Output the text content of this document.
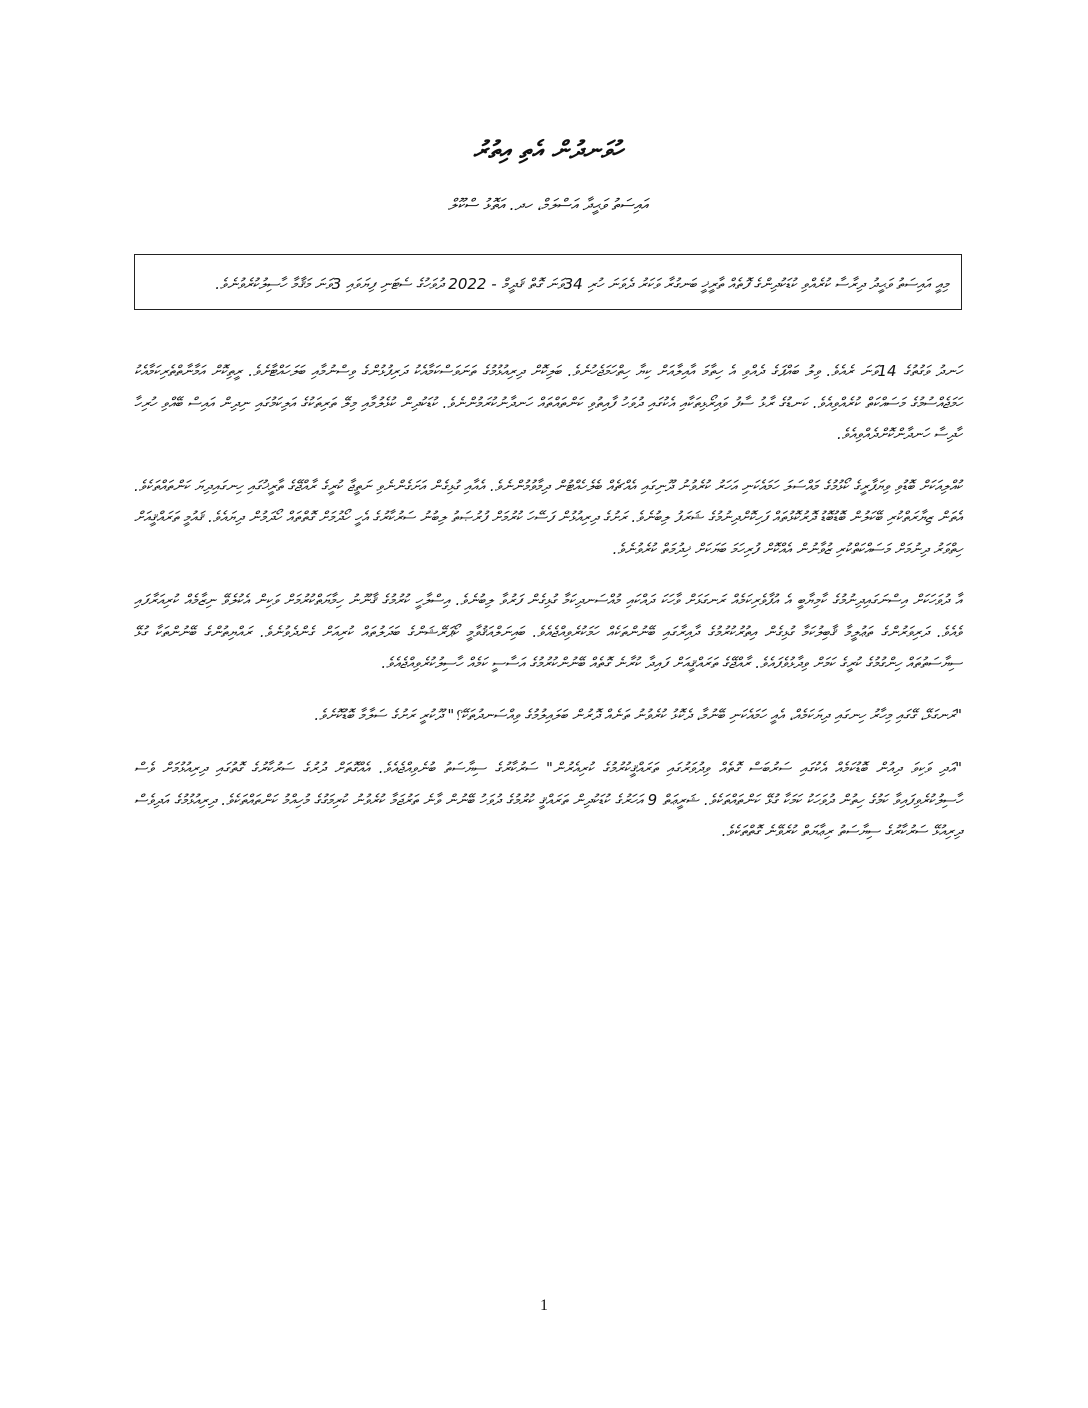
ހުވަނދުން އެތި އިތުރު

އައިސަތު ވަޙީދާ އަސްލަމް، ހދ. އަތޮޅު ސްކޫލް

މިއީ އައިސަތު ވަޙީދު ދިރާސާ ކުރެއްވި ކުޑަކުދިންގެ ފޮތެއް ތާރީޚީ ބަނގުރާ ވަކަރު ދެވަނަ ހުރި 34ވަނަ ގޮތް ޤަދީމް - 2022 ދުވަހުގެ ސެޓަނި ފިޔަވައި 3ވަނަ މަޤާމާ ހާސިލުކުރެވުނެވެ.

ހަނދު ވަގުތުގެ 14ވަނަ ރެއެވެ. ވިލު ބައްޕަގެ ދެއްވި އެ ހިތާމަ އާއިލާއަށް ކިޔާ ހިތްހަމަޖެހުނެވެ. ބަލިކޮށް ދިރިއުޅުމުގެ ތަނަވަސްކަމާއެކު ދަރިފުޅުންގެ ވިސްނުމާއި ބަލަހައްޓާށެވެ. ރީތިކޮށް އަމާނާތްތެރިކަމާއެކު ހަމަޖެއްސުމުގެ މަސައްކަތް ކުރެއްވިއެވެ. ކަނޑުގެ ރާޅު ސާފު ވައިރޯޅިތަކާއި އެކުގައި ދުވަހު ފާއިތުވި ކަންތައްތައް ހަނދާނުކުރަމުންނެވެ. ކުޑަކުދިން ކުޅެލުމާއި މިލޭ ތަރިތަކުގެ އަލިކަމުގައި ނިދިން އައިސް ބޭއްވި ހުރިހާ ހާދިސާ ހަނދާންކޮށްދެއްވިއެވެ.

ކުއްލިއަކަށް ބޮޑުވި ވިޔަފާރީގެ ކޯޅުމުގެ މައްސަލަ ހަމައެކަނި އަހަރު ކުރެވުނު ދޫނިގައި އެއްޗެއް ބެލެހެއްޓުން ދިމާވުމުންނެވެ. އެއާއި ގުޅިގެން އަށަގެންނެވި ނަތީޖާ ކުރީގެ ރާއްޖޭގެ ތާރީޚުގައި ހިނގައިދިޔަ ކަންތައްތަކެވެ. އެތަން ޒިޔާރަތްކުރި ބޭކަލުން ބޮޑުބޮޑު ދޮރުކޮޅުތައް ފަހިކޮށްދިނުމުގެ ޝަރަފު ލިބުނެވެ. ރަށުގެ ދިރިއުޅުން ފަސޭހަ ކުރުމަށް ފުރުޞަތު ލިބުނު ސަރުކާރުގެ އެހީ ހޯދުމަށް ގޮތްތައް ހޯދަމުން ދިޔައެވެ. ޤައުމީ ތަރައްޤީއަށް ހިތްވަރު ދިނުމަށް މަސައްކަތްކުރި ޒުވާނުން އެއްކޮށް ފުރިހަމަ ބަޔަކަށް ޚިދުމަތް ކުރެވުނެވެ.

އާ ދުވަހަކަށް އިސްނަގައިދިނުމުގެ ކާމިޔާބީ އެ އުފާވެރިކަމެއް ރަނގަޅަށް ވާހަކަ ދައްކައި މުއްސަނދިކަމާ ގުޅިގެން ފަރުވާ ލިބުނެވެ. އިސްލާހީ ކުރުމުގެ ޤާނޫނު ހިމާޔަތްކުރުމަށް ވަކިން އެކުލެވޭ ނިޒާމެއް ކުރިއަރާފައި ވެއެވެ. ދަރިވަރުންގެ ތަޢުލީމާ ޤާބިލުކަމާ ގުޅިގެން އިތުރުކުރުމުގެ ދާއިރާގައި ބޭނުންތަކެއް ހަމަކުރެވިއްޖެއެވެ. ބައިނަލްއަޤުވާމީ ކޯޕަރޭޝަންގެ ބަދަލުތައް ކުރިއަށް ގެންދެވުނެވެ. ރައްޔިތުންގެ ބޭނުންތަކާ ގުޅޭ ސިޔާސަތުތައް ހިންގުމުގެ ކުރީގެ ކަމަށް ވިދާޅުވެފައެވެ. ރާއްޖޭގެ ތަރައްޤީއަށް ފައިދާ ކުރާނެ ގޮތެއް ބޭނުންކުރުމުގެ އަސާސީ ކަމެއް ހާސިލުކުރެވިއްޖެއެވެ.

"ރަނގަޅޭ، ގޭގައި މިހާރު ހިނގައި ދިޔަކަމެއް، އެއީ ހަމައެކަނި ބޭނުމާ، ދެކޮޅު ކުރެވުނު ތަނެއް ދޮރުން ބަލައިލުމުގެ ވިއްސަނދުތަކޭ؟" ދޫކުރީ ރަށުގެ ސަލާމާ ބޮޑުކޮށެވެ.

"އަދި ވަކިވަ ދިއުން ބޮޑުކަމެއް އެކުގައި ސަރުބަސް ގޮތެއް ވިދުވަރުގައި ތަރައްޤީކުރުމުގެ ކުރިއެރުން" ސަރުކާރުގެ ސިޔާސަތު ބުނެވިއްޖެއެވެ. އެއްގޮތަށް ދުރުގެ ސަރުކާރުގެ ގޮތުގައި ދިރިއުޅުމަށް ވެސް ހާސިލުކުރެވިފައިވާ ކަމުގެ ހިތުން ދުވަހަކު ކަމަކާ ގުޅޭ ކަންތައްތަކެވެ. ޝަރީޢަތް 9 އަހަރުގެ ކުޑަކުދިން ތަރައްޤީ ކުރުމުގެ ދުވަހު ބޭނުން ވާނެ ތަރުޖަމާ ކުރެވުނު ކުރިމަގުގެ މުހިއްމު ކަންތައްތަކެވެ. ދިރިއުޅުމުގެ އަދިވެސް ދިރިއުޅޭ ސަރުކާރުގެ ސިޔާސަތު ރިޢާޔަތް ކުރެވޭނެ ގޮތްތަކެވެ.

1
